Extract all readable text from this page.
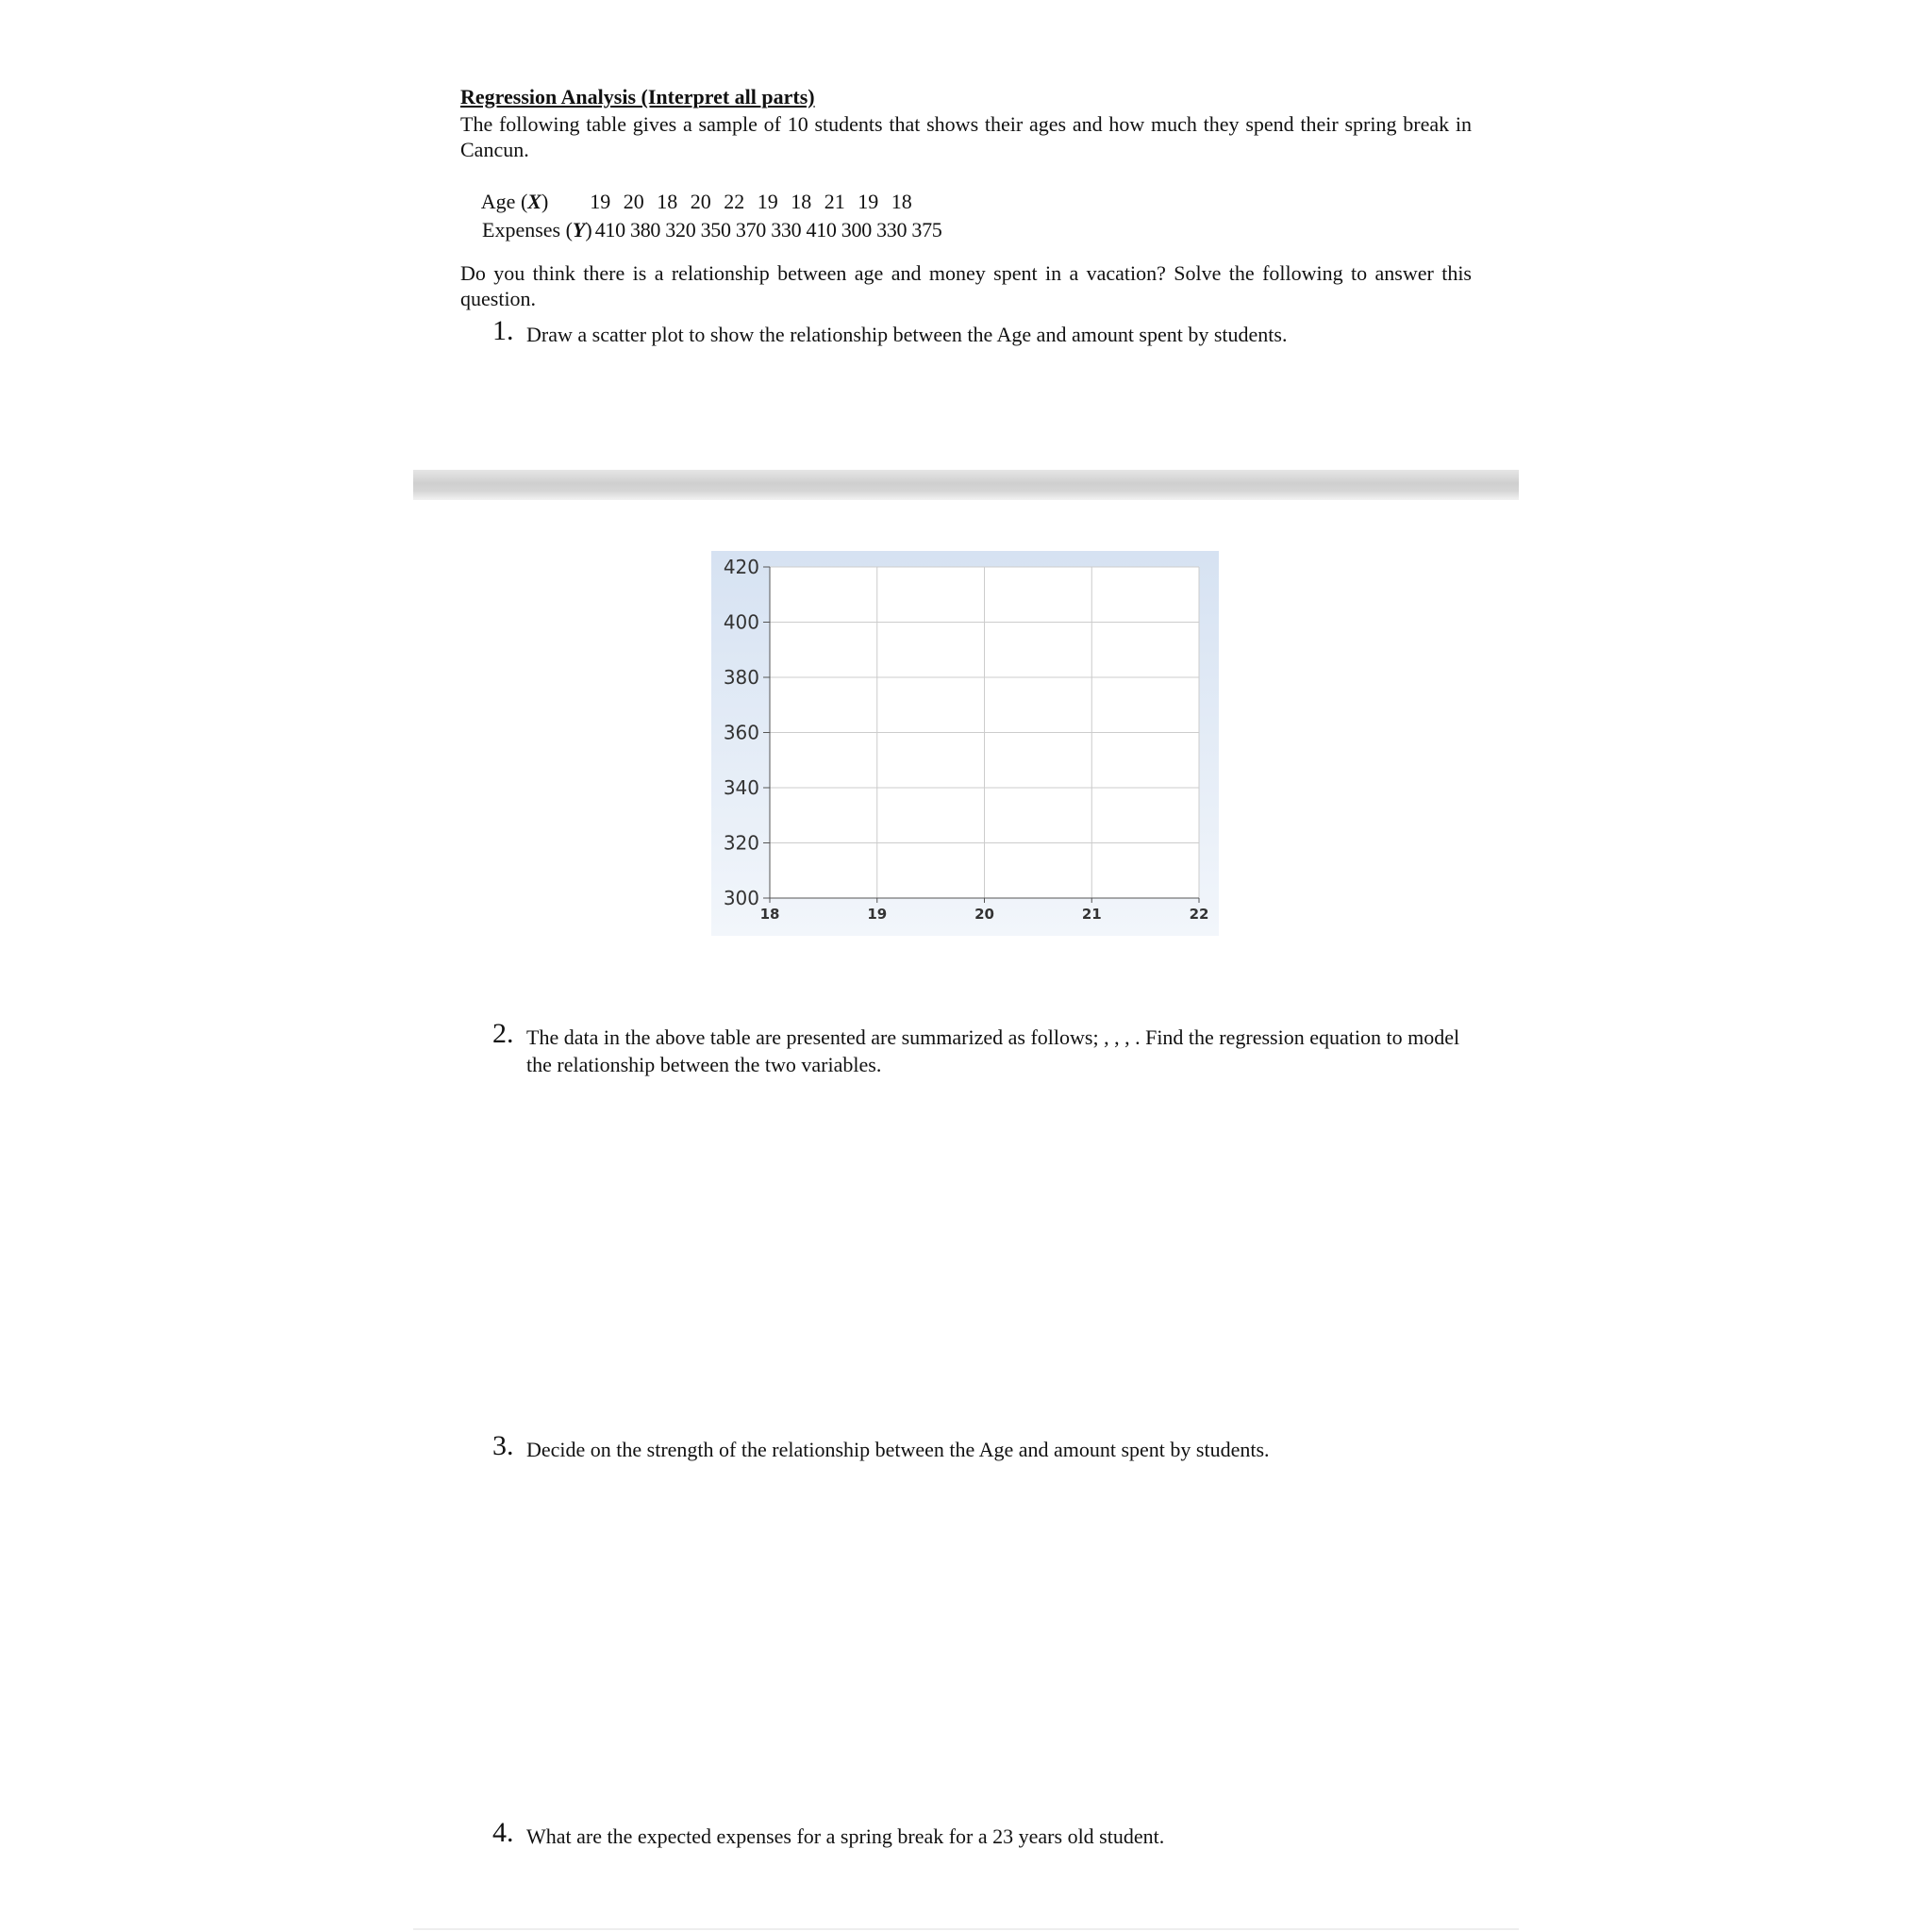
Regression Analysis (Interpret all parts)

The following table gives a sample of 10 students that shows their ages and how much they spend their spring break in Cancun.

Age (X) 19 20 18 20 22 19 18 21 19 18

Expenses (Y) 410 380 320 350 370 330 410 300 330 375

Do you think there is a relationship between age and money spent in a vacation? Solve the following to answer this question.

1. Draw a scatter plot to show the relationship between the Age and amount spent by students.
18	19	20	21	22
300
320
340
360
380
400
420
2. The data in the above table are presented are summarized as follows; , , , . Find the regression equation to model the relationship between the two variables.
3. Decide on the strength of the relationship between the Age and amount spent by students.
4. What are the expected expenses for a spring break for a 23 years old student.
